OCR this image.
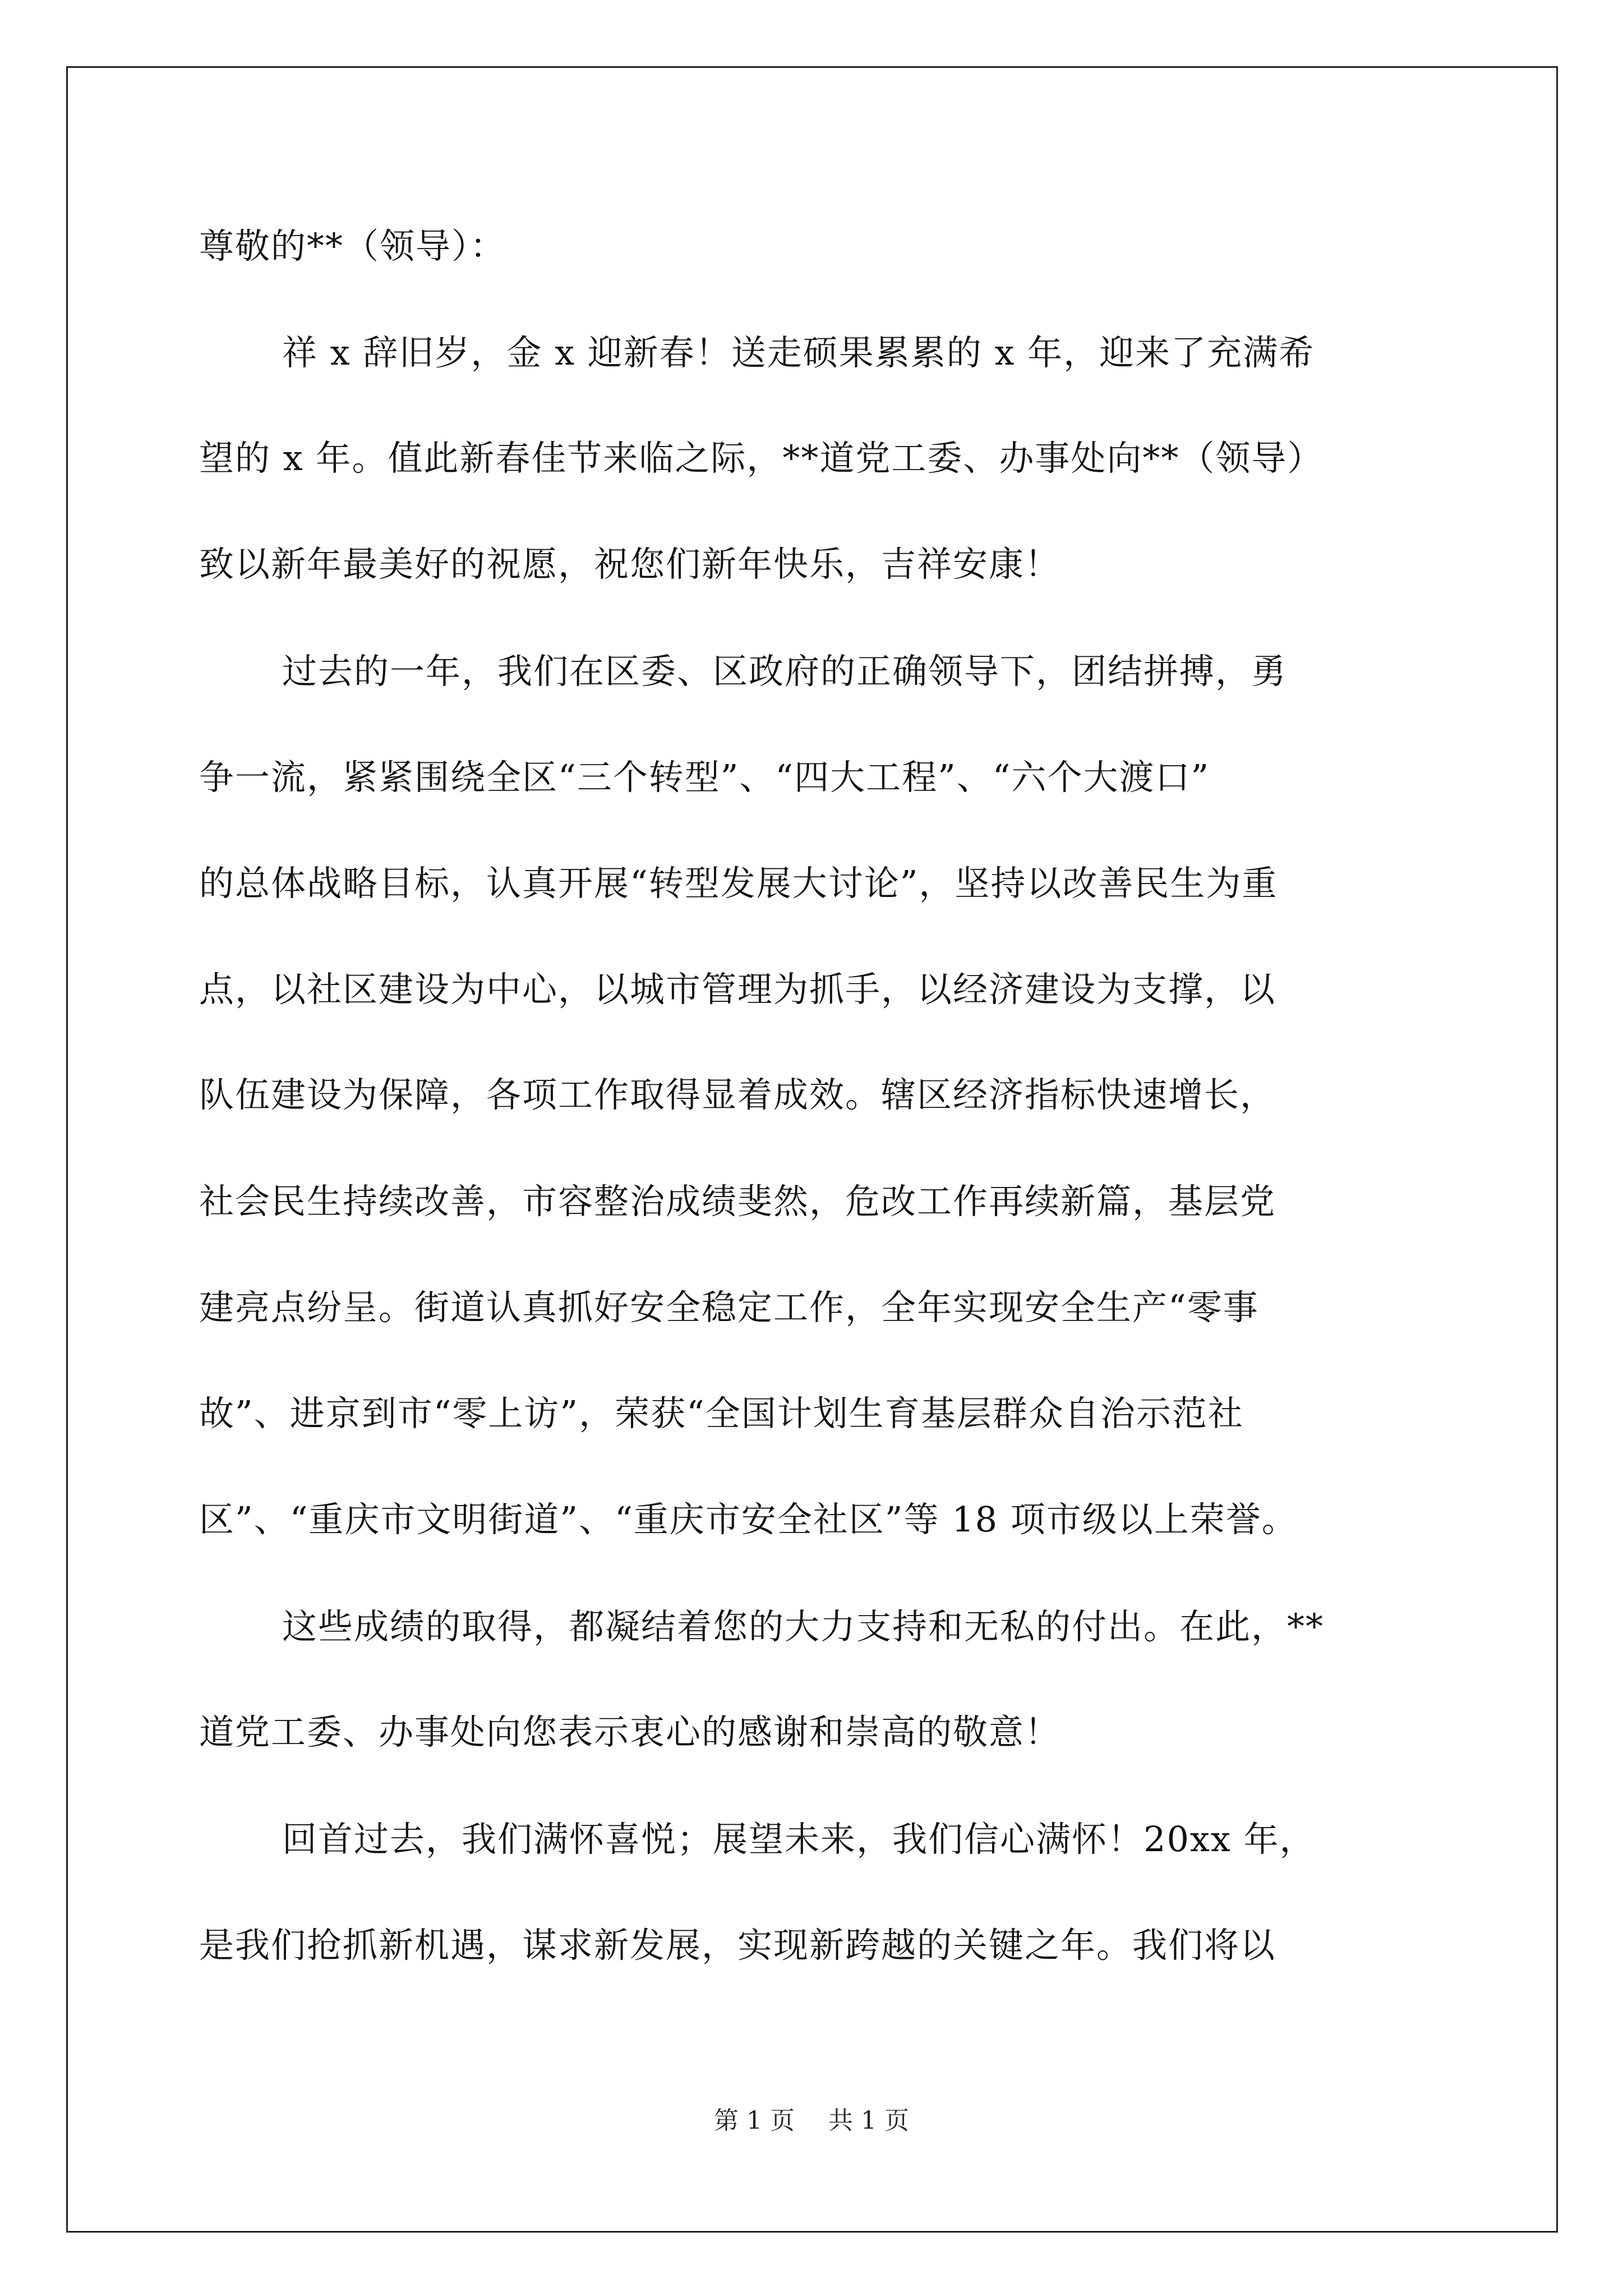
尊敬的**（领导）：
祥 x 辞旧岁，金 x 迎新春！送走硕果累累的 x 年，迎来了充满希
望的 x 年。值此新春佳节来临之际，**道党工委、办事处向**（领导）
致以新年最美好的祝愿，祝您们新年快乐，吉祥安康！
过去的一年，我们在区委、区政府的正确领导下，团结拼搏，勇
争一流，紧紧围绕全区“三个转型”、“四大工程”、“六个大渡口”
的总体战略目标，认真开展“转型发展大讨论”，坚持以改善民生为重
点，以社区建设为中心，以城市管理为抓手，以经济建设为支撑，以
队伍建设为保障，各项工作取得显着成效。辖区经济指标快速增长，
社会民生持续改善，市容整治成绩斐然，危改工作再续新篇，基层党
建亮点纷呈。街道认真抓好安全稳定工作，全年实现安全生产“零事
故”、进京到市“零上访”，荣获“全国计划生育基层群众自治示范社
区”、“重庆市文明街道”、“重庆市安全社区”等 18 项市级以上荣誉。
这些成绩的取得，都凝结着您的大力支持和无私的付出。在此，**
道党工委、办事处向您表示衷心的感谢和崇高的敬意！
回首过去，我们满怀喜悦；展望未来，我们信心满怀！20xx 年，
是我们抢抓新机遇，谋求新发展，实现新跨越的关键之年。我们将以
第 1 页 共 1 页
